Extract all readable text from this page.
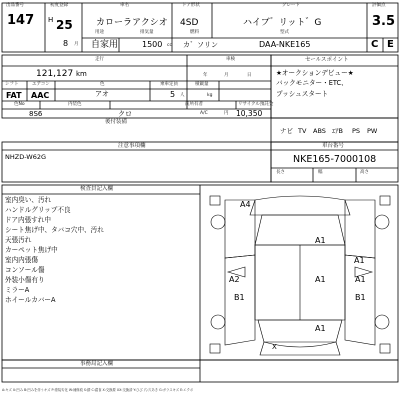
出品番号
147
初度登録
H 25
8 月
車名
カローラアクシオ
ドア形状
4SD
グレード
ハイブ゛リット゛G
評価点
3.5
用途
自家用
排気量
1500 cc
燃料
カ゛ソリン
型式
DAA-NKE165	C E
走行
121,127 km
車検
年	月	日
シフト	エアコン	色	乗車定員	積載量
FAT AAC	アオ	5 人	kg
色No	内装色	前所有者	リサイクル預託金
8S6	クロ	円 10,350
A/C
後付装備
セールスポイント
★オークションデビュー★
バックモニター・ETC、
プッシュスタート
ナビ TV ABS ｴｱB PS PW
注意事項欄
NHZD-W62G
車台番号
NKE165-7000108
長さ	幅	高さ
検査員記入欄
室内臭い、汚れ
ハンドルグリップ不良
ドア内張すれ中
シート焦げ中、タバコ穴中、汚れ
天張汚れ
カーペット焦げ中
室内内張傷
コンソール傷
外装小傷有り
ミラーA
ホイールカバーA
A4
A1
A1
A2	A1
A1
B1	B1
A1
X
事務局記入欄
A:キズ U:凹み B:凹みを伴うキズ P:塗装劣化 W:補修痕 S:錆 C:腐食 X:交換要 XX:交換済 Y:ひび 穴:穴あき G:ガラスキズ E:エクボ
